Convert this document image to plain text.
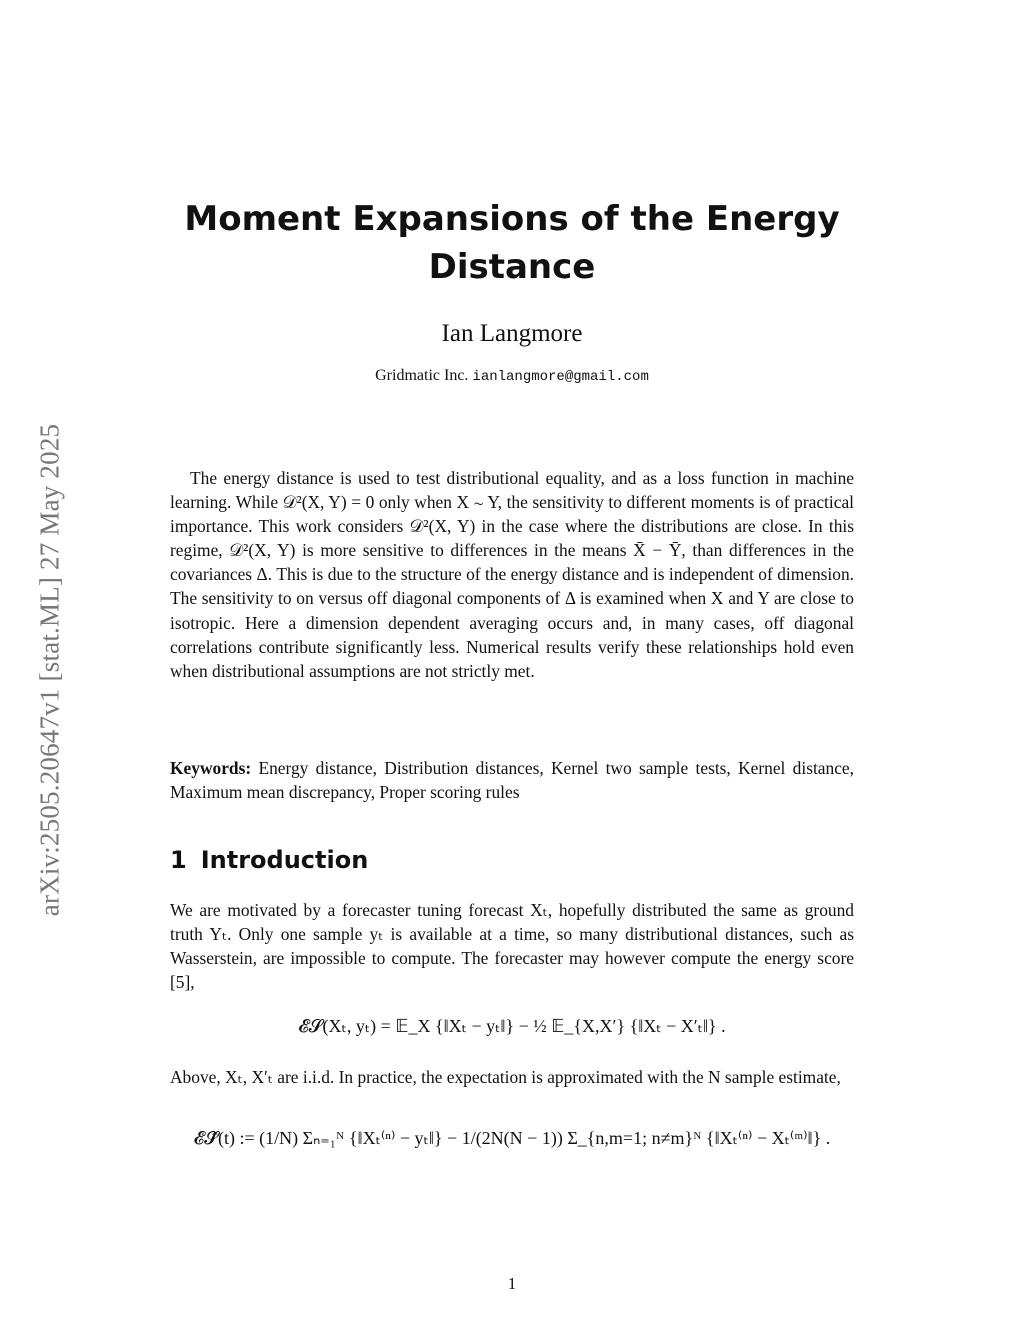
arXiv:2505.20647v1 [stat.ML] 27 May 2025
Moment Expansions of the Energy Distance
Ian Langmore
Gridmatic Inc. ianlangmore@gmail.com

The energy distance is used to test distributional equality, and as a loss function in machine learning. While 𝒟²(X, Y) = 0 only when X ∼ Y, the sensitivity to different moments is of practical importance. This work considers 𝒟²(X, Y) in the case where the distributions are close. In this regime, 𝒟²(X, Y) is more sensitive to differences in the means X̄ − Ȳ, than differences in the covariances Δ. This is due to the structure of the energy distance and is independent of dimension. The sensitivity to on versus off diagonal components of Δ is examined when X and Y are close to isotropic. Here a dimension dependent averaging occurs and, in many cases, off diagonal correlations contribute significantly less. Numerical results verify these relationships hold even when distributional assumptions are not strictly met.

Keywords: Energy distance, Distribution distances, Kernel two sample tests, Kernel distance, Maximum mean discrepancy, Proper scoring rules

1 Introduction

We are motivated by a forecaster tuning forecast Xₜ, hopefully distributed the same as ground truth Yₜ. Only one sample yₜ is available at a time, so many distributional distances, such as Wasserstein, are impossible to compute. The forecaster may however compute the energy score [5],

𝓔𝓢(Xₜ, yₜ) = 𝔼_X {‖Xₜ − yₜ‖} − ½ 𝔼_{X,X′} {‖Xₜ − X′ₜ‖} .

Above, Xₜ, X′ₜ are i.i.d. In practice, the expectation is approximated with the N sample estimate,

𝓔𝓢̂(t) := (1/N) Σₙ₌₁ᴺ {‖Xₜ⁽ⁿ⁾ − yₜ‖} − 1/(2N(N − 1)) Σ_{n,m=1; n≠m}ᴺ {‖Xₜ⁽ⁿ⁾ − Xₜ⁽ᵐ⁾‖} .
1
